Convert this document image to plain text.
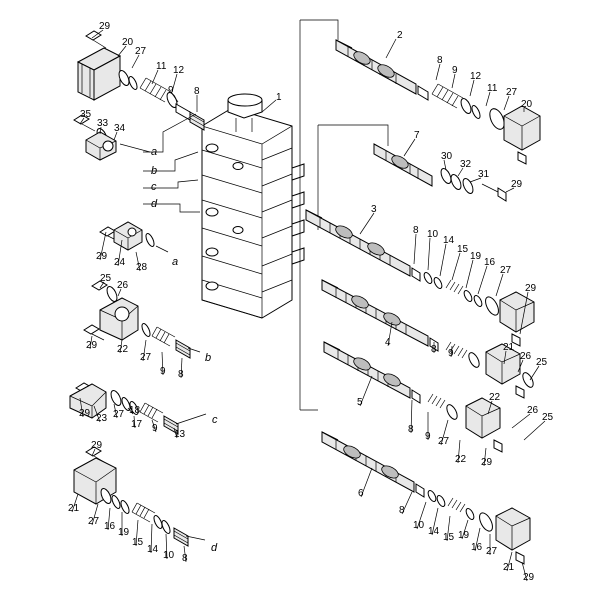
29
20
27
11 12
9 8
1
2
8
9
12
11 27
20
35
33 34
7
30
32
31
29
a
b
c
d	3
8 10
14
15
19
16
27
29
29
24 28 a
25
26
4
8 9
21
26
25
29 22
27
9 8
b
5
8
9
22 29
27
22
26
25
29 23 27
17
18
9
13
c
29
6
8
10
14
15 19
16 27
21
29
21
27 16
19
15
14
10 8
d
